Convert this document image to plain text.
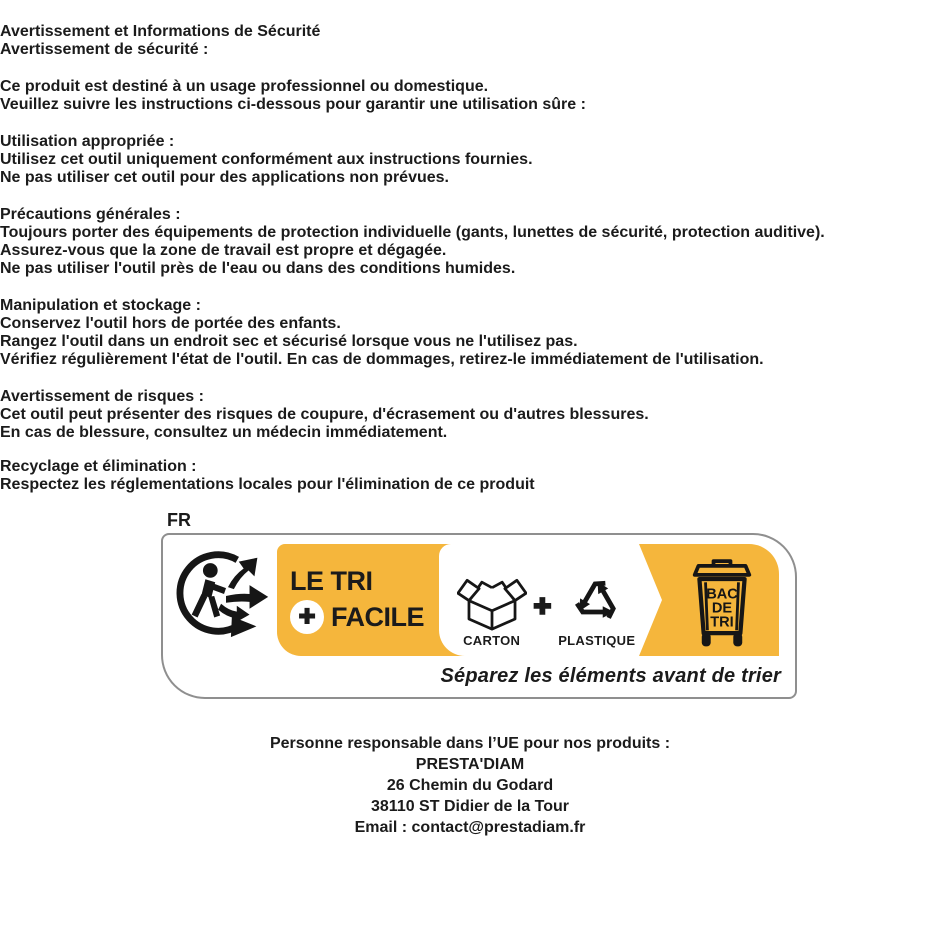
Avertissement et Informations de Sécurité
Avertissement de sécurité :

Ce produit est destiné à un usage professionnel ou domestique.
Veuillez suivre les instructions ci-dessous pour garantir une utilisation sûre :

Utilisation appropriée :
Utilisez cet outil uniquement conformément aux instructions fournies.
Ne pas utiliser cet outil pour des applications non prévues.

Précautions générales :
Toujours porter des équipements de protection individuelle (gants, lunettes de sécurité, protection auditive).
Assurez-vous que la zone de travail est propre et dégagée.
Ne pas utiliser l'outil près de l'eau ou dans des conditions humides.

Manipulation et stockage :
Conservez l'outil hors de portée des enfants.
Rangez l'outil dans un endroit sec et sécurisé lorsque vous ne l'utilisez pas.
Vérifiez régulièrement l'état de l'outil. En cas de dommages, retirez-le immédiatement de l'utilisation.

Avertissement de risques :
Cet outil peut présenter des risques de coupure, d'écrasement ou d'autres blessures.
En cas de blessure, consultez un médecin immédiatement.

Recyclage et élimination :
Respectez les réglementations locales pour l'élimination de ce produit

FR
LE TRI
+ FACILE
CARTON
+
PLASTIQUE
BAC
DE
TRI
Séparez les éléments avant de trier
Personne responsable dans l’UE pour nos produits :
PRESTA'DIAM
26 Chemin du Godard
38110 ST Didier de la Tour
Email : contact@prestadiam.fr
